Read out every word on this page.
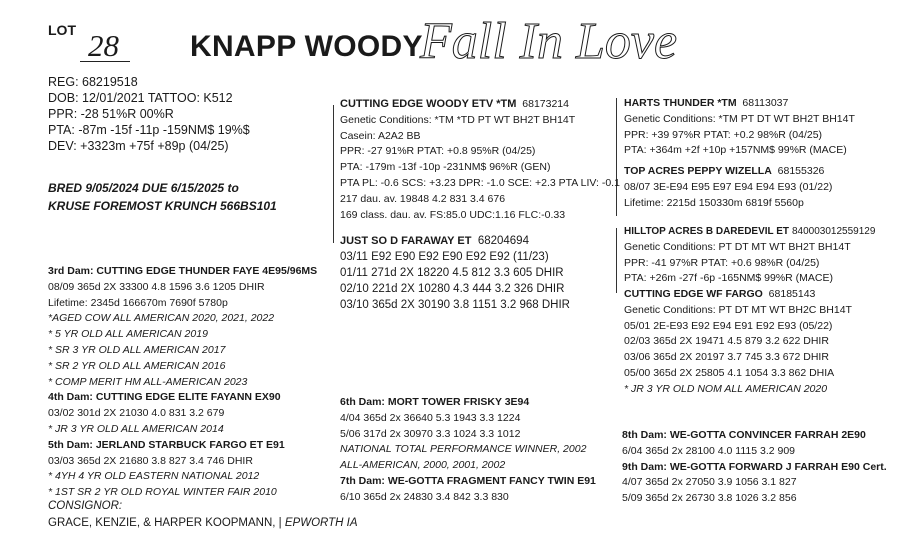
LOT 28 KNAPP WOODY
Fall In Love
REG: 68219518
DOB: 12/01/2021 TATTOO: K512
PPR: -28 51%R 00%R
PTA: -87m -15f -11p -159NM$ 19%$
DEV: +3323m +75f +89p (04/25)
BRED 9/05/2024 DUE 6/15/2025 to
KRUSE FOREMOST KRUNCH 566BS101
CUTTING EDGE WOODY ETV *TM 68173214
Genetic Conditions: *TM *TD PT WT BH2T BH14T
Casein: A2A2 BB
PPR: -27 91%R PTAT: +0.8 95%R (04/25)
PTA: -179m -13f -10p -231NM$ 96%R (GEN)
PTA PL: -0.6 SCS: +3.23 DPR: -1.0 SCE: +2.3 PTA LIV: -0.1
217 dau. av. 19848 4.2 831 3.4 676
169 class. dau. av. FS:85.0 UDC:1.16 FLC:-0.33
JUST SO D FARAWAY ET 68204694
03/11 E92 E90 E92 E90 E92 E92 (11/23)
01/11 271d 2X 18220 4.5 812 3.3 605 DHIR
02/10 221d 2X 10280 4.3 444 3.2 326 DHIR
03/10 365d 2X 30190 3.8 1151 3.2 968 DHIR
HARTS THUNDER *TM 68113037
Genetic Conditions: *TM PT DT WT BH2T BH14T
PPR: +39 97%R PTAT: +0.2 98%R (04/25)
PTA: +364m +2f +10p +157NM$ 99%R (MACE)
TOP ACRES PEPPY WIZELLA 68155326
08/07 3E-E94 E95 E97 E94 E94 E93 (01/22)
Lifetime: 2215d 150330m 6819f 5560p
HILLTOP ACRES B DAREDEVIL ET 840003012559129
Genetic Conditions: PT DT MT WT BH2T BH14T
PPR: -41 97%R PTAT: +0.6 98%R (04/25)
PTA: +26m -27f -6p -165NM$ 99%R (MACE)
CUTTING EDGE WF FARGO 68185143
Genetic Conditions: PT DT MT WT BH2C BH14T
05/01 2E-E93 E92 E94 E91 E92 E93 (05/22)
02/03 365d 2X 19471 4.5 879 3.2 622 DHIR
03/06 365d 2X 20197 3.7 745 3.3 672 DHIR
05/00 365d 2X 25805 4.1 1054 3.3 862 DHIA
* JR 3 YR OLD NOM ALL AMERICAN 2020
3rd Dam: CUTTING EDGE THUNDER FAYE 4E95/96MS
08/09 365d 2X 33300 4.8 1596 3.6 1205 DHIR
Lifetime: 2345d 166670m 7690f 5780p
*AGED COW ALL AMERICAN 2020, 2021, 2022
* 5 YR OLD ALL AMERICAN 2019
* SR 3 YR OLD ALL AMERICAN 2017
* SR 2 YR OLD ALL AMERICAN 2016
* COMP MERIT HM ALL-AMERICAN 2023
4th Dam: CUTTING EDGE ELITE FAYANN EX90
03/02 301d 2X 21030 4.0 831 3.2 679
* JR 3 YR OLD ALL AMERICAN 2014
5th Dam: JERLAND STARBUCK FARGO ET E91
03/03 365d 2X 21680 3.8 827 3.4 746 DHIR
* 4YH 4 YR OLD EASTERN NATIONAL 2012
* 1ST SR 2 YR OLD ROYAL WINTER FAIR 2010
6th Dam: MORT TOWER FRISKY 3E94
4/04 365d 2x 36640 5.3 1943 3.3 1224
5/06 317d 2x 30970 3.3 1024 3.3 1012
NATIONAL TOTAL PERFORMANCE WINNER, 2002
ALL-AMERICAN, 2000, 2001, 2002
7th Dam: WE-GOTTA FRAGMENT FANCY TWIN E91
6/10 365d 2x 24830 3.4 842 3.3 830
8th Dam: WE-GOTTA CONVINCER FARRAH 2E90
6/04 365d 2x 28100 4.0 1115 3.2 909
9th Dam: WE-GOTTA FORWARD J FARRAH E90 Cert.
4/07 365d 2x 27050 3.9 1056 3.1 827
5/09 365d 2x 26730 3.8 1026 3.2 856
CONSIGNOR:
GRACE, KENZIE, & HARPER KOOPMANN, | EPWORTH IA
